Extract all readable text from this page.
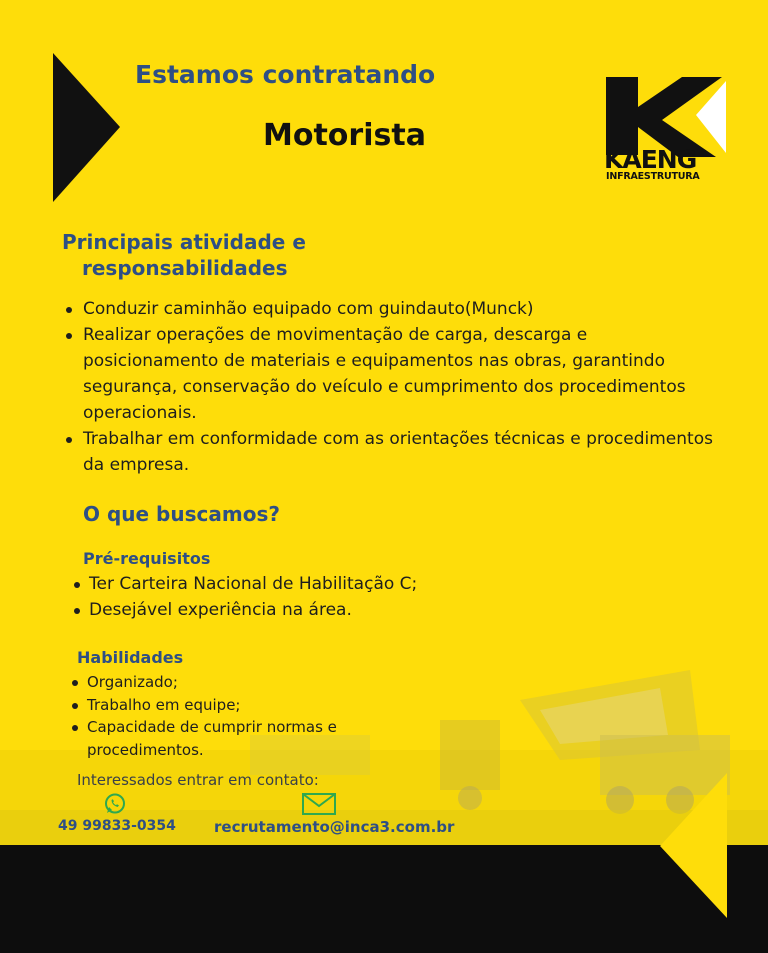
Estamos contratando

Motorista

KAENG
INFRAESTRUTURA
Principais atividade e
responsabilidades
Conduzir caminhão equipado com guindauto(Munck)
Realizar operações de movimentação de carga, descarga e posicionamento de materiais e equipamentos nas obras, garantindo segurança, conservação do veículo e cumprimento dos procedimentos operacionais.
Trabalhar em conformidade com as orientações técnicas e procedimentos da empresa.
O que buscamos?
Pré-requisitos
Ter Carteira Nacional de Habilitação C;
Desejável experiência na área.
Habilidades
Organizado;
Trabalho em equipe;
Capacidade de cumprir normas e procedimentos.

Interessados entrar em contato:

49 99833-0354	recrutamento@inca3.com.br
